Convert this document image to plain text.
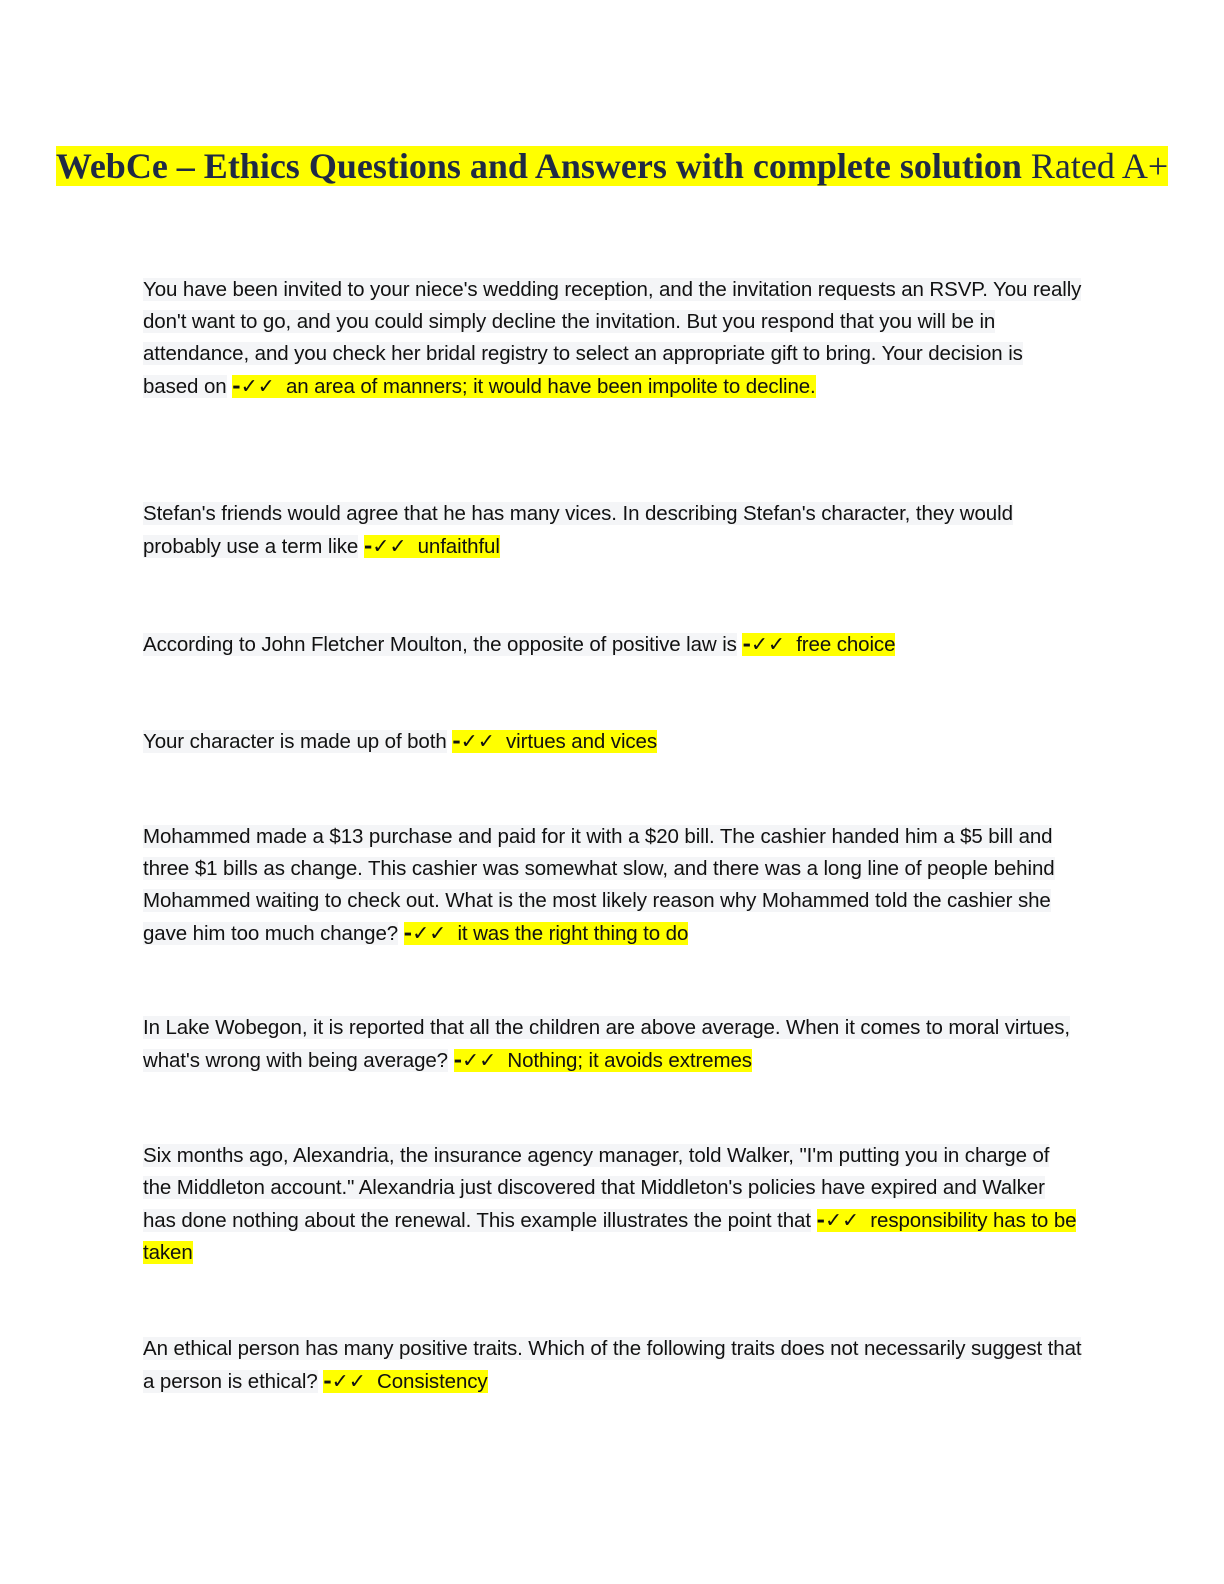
WebCe – Ethics Questions and Answers with complete solution Rated A+
You have been invited to your niece's wedding reception, and the invitation requests an RSVP. You really don't want to go, and you could simply decline the invitation. But you respond that you will be in attendance, and you check her bridal registry to select an appropriate gift to bring. Your decision is based on -✓✓ an area of manners; it would have been impolite to decline.
Stefan's friends would agree that he has many vices. In describing Stefan's character, they would probably use a term like -✓✓ unfaithful
According to John Fletcher Moulton, the opposite of positive law is -✓✓ free choice
Your character is made up of both -✓✓ virtues and vices
Mohammed made a $13 purchase and paid for it with a $20 bill. The cashier handed him a $5 bill and three $1 bills as change. This cashier was somewhat slow, and there was a long line of people behind Mohammed waiting to check out. What is the most likely reason why Mohammed told the cashier she gave him too much change? -✓✓ it was the right thing to do
In Lake Wobegon, it is reported that all the children are above average. When it comes to moral virtues, what's wrong with being average? -✓✓ Nothing; it avoids extremes
Six months ago, Alexandria, the insurance agency manager, told Walker, "I'm putting you in charge of the Middleton account." Alexandria just discovered that Middleton's policies have expired and Walker has done nothing about the renewal. This example illustrates the point that -✓✓ responsibility has to be taken
An ethical person has many positive traits. Which of the following traits does not necessarily suggest that a person is ethical? -✓✓ Consistency
